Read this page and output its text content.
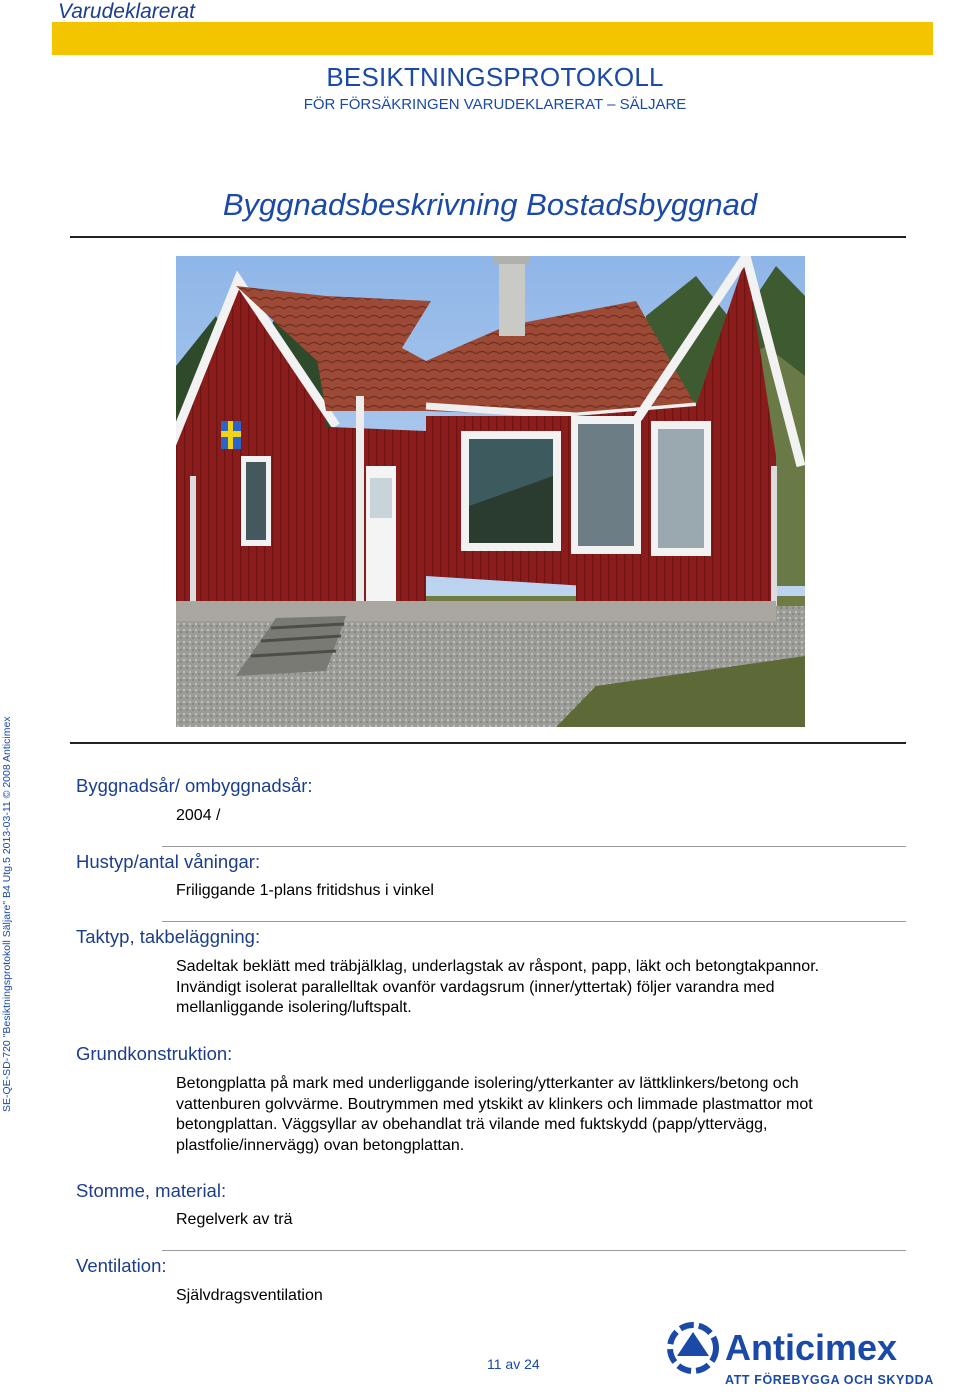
Varudeklarerat
BESIKTNINGSPROTOKOLL
FÖR FÖRSÄKRINGEN VARUDEKLARERAT – SÄLJARE
Byggnadsbeskrivning Bostadsbyggnad
SE-QE-SD-720 "Besiktningsprotokoll Säljare" B4 Utg.5 2013-03-11 © 2008 Anticimex	Byggnadsår/ ombyggnadsår:
2004 /
Hustyp/antal våningar:
Friliggande 1-plans fritidshus i vinkel
Taktyp, takbeläggning:
Sadeltak beklätt med träbjälklag, underlagstak av råspont, papp, läkt och betongtakpannor. Invändigt isolerat parallelltak ovanför vardagsrum (inner/yttertak) följer varandra med mellanliggande isolering/luftspalt.
Grundkonstruktion:
Betongplatta på mark med underliggande isolering/ytterkanter av lättklinkers/betong och vattenburen golvvärme. Boutrymmen med ytskikt av klinkers och limmade plastmattor mot betongplattan. Väggsyllar av obehandlat trä vilande med fuktskydd (papp/yttervägg, plastfolie/innervägg) ovan betongplattan.
Stomme, material:
Regelverk av trä
Ventilation:
Självdragsventilation
11 av 24	Anticimex
ATT FÖREBYGGA OCH SKYDDA
